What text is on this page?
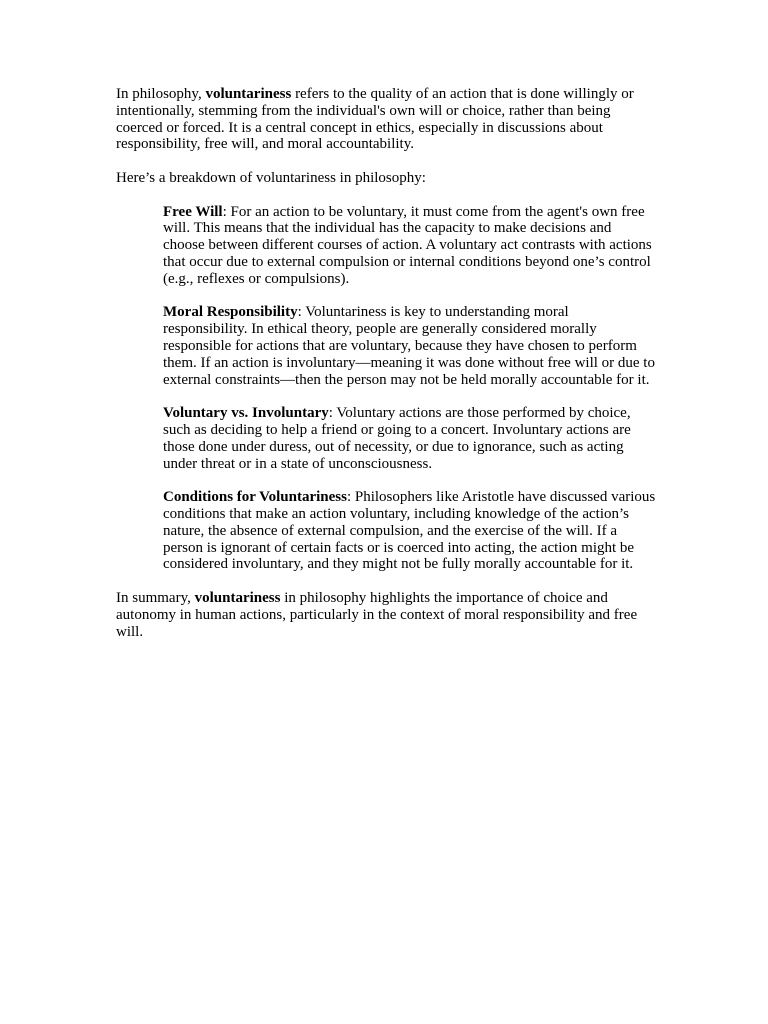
In philosophy, voluntariness refers to the quality of an action that is done willingly or intentionally, stemming from the individual's own will or choice, rather than being coerced or forced. It is a central concept in ethics, especially in discussions about responsibility, free will, and moral accountability.

Here’s a breakdown of voluntariness in philosophy:

Free Will: For an action to be voluntary, it must come from the agent's own free will. This means that the individual has the capacity to make decisions and choose between different courses of action. A voluntary act contrasts with actions that occur due to external compulsion or internal conditions beyond one’s control (e.g., reflexes or compulsions).

Moral Responsibility: Voluntariness is key to understanding moral responsibility. In ethical theory, people are generally considered morally responsible for actions that are voluntary, because they have chosen to perform them. If an action is involuntary—meaning it was done without free will or due to external constraints—then the person may not be held morally accountable for it.

Voluntary vs. Involuntary: Voluntary actions are those performed by choice, such as deciding to help a friend or going to a concert. Involuntary actions are those done under duress, out of necessity, or due to ignorance, such as acting under threat or in a state of unconsciousness.

Conditions for Voluntariness: Philosophers like Aristotle have discussed various conditions that make an action voluntary, including knowledge of the action’s nature, the absence of external compulsion, and the exercise of the will. If a person is ignorant of certain facts or is coerced into acting, the action might be considered involuntary, and they might not be fully morally accountable for it.

In summary, voluntariness in philosophy highlights the importance of choice and autonomy in human actions, particularly in the context of moral responsibility and free will.
